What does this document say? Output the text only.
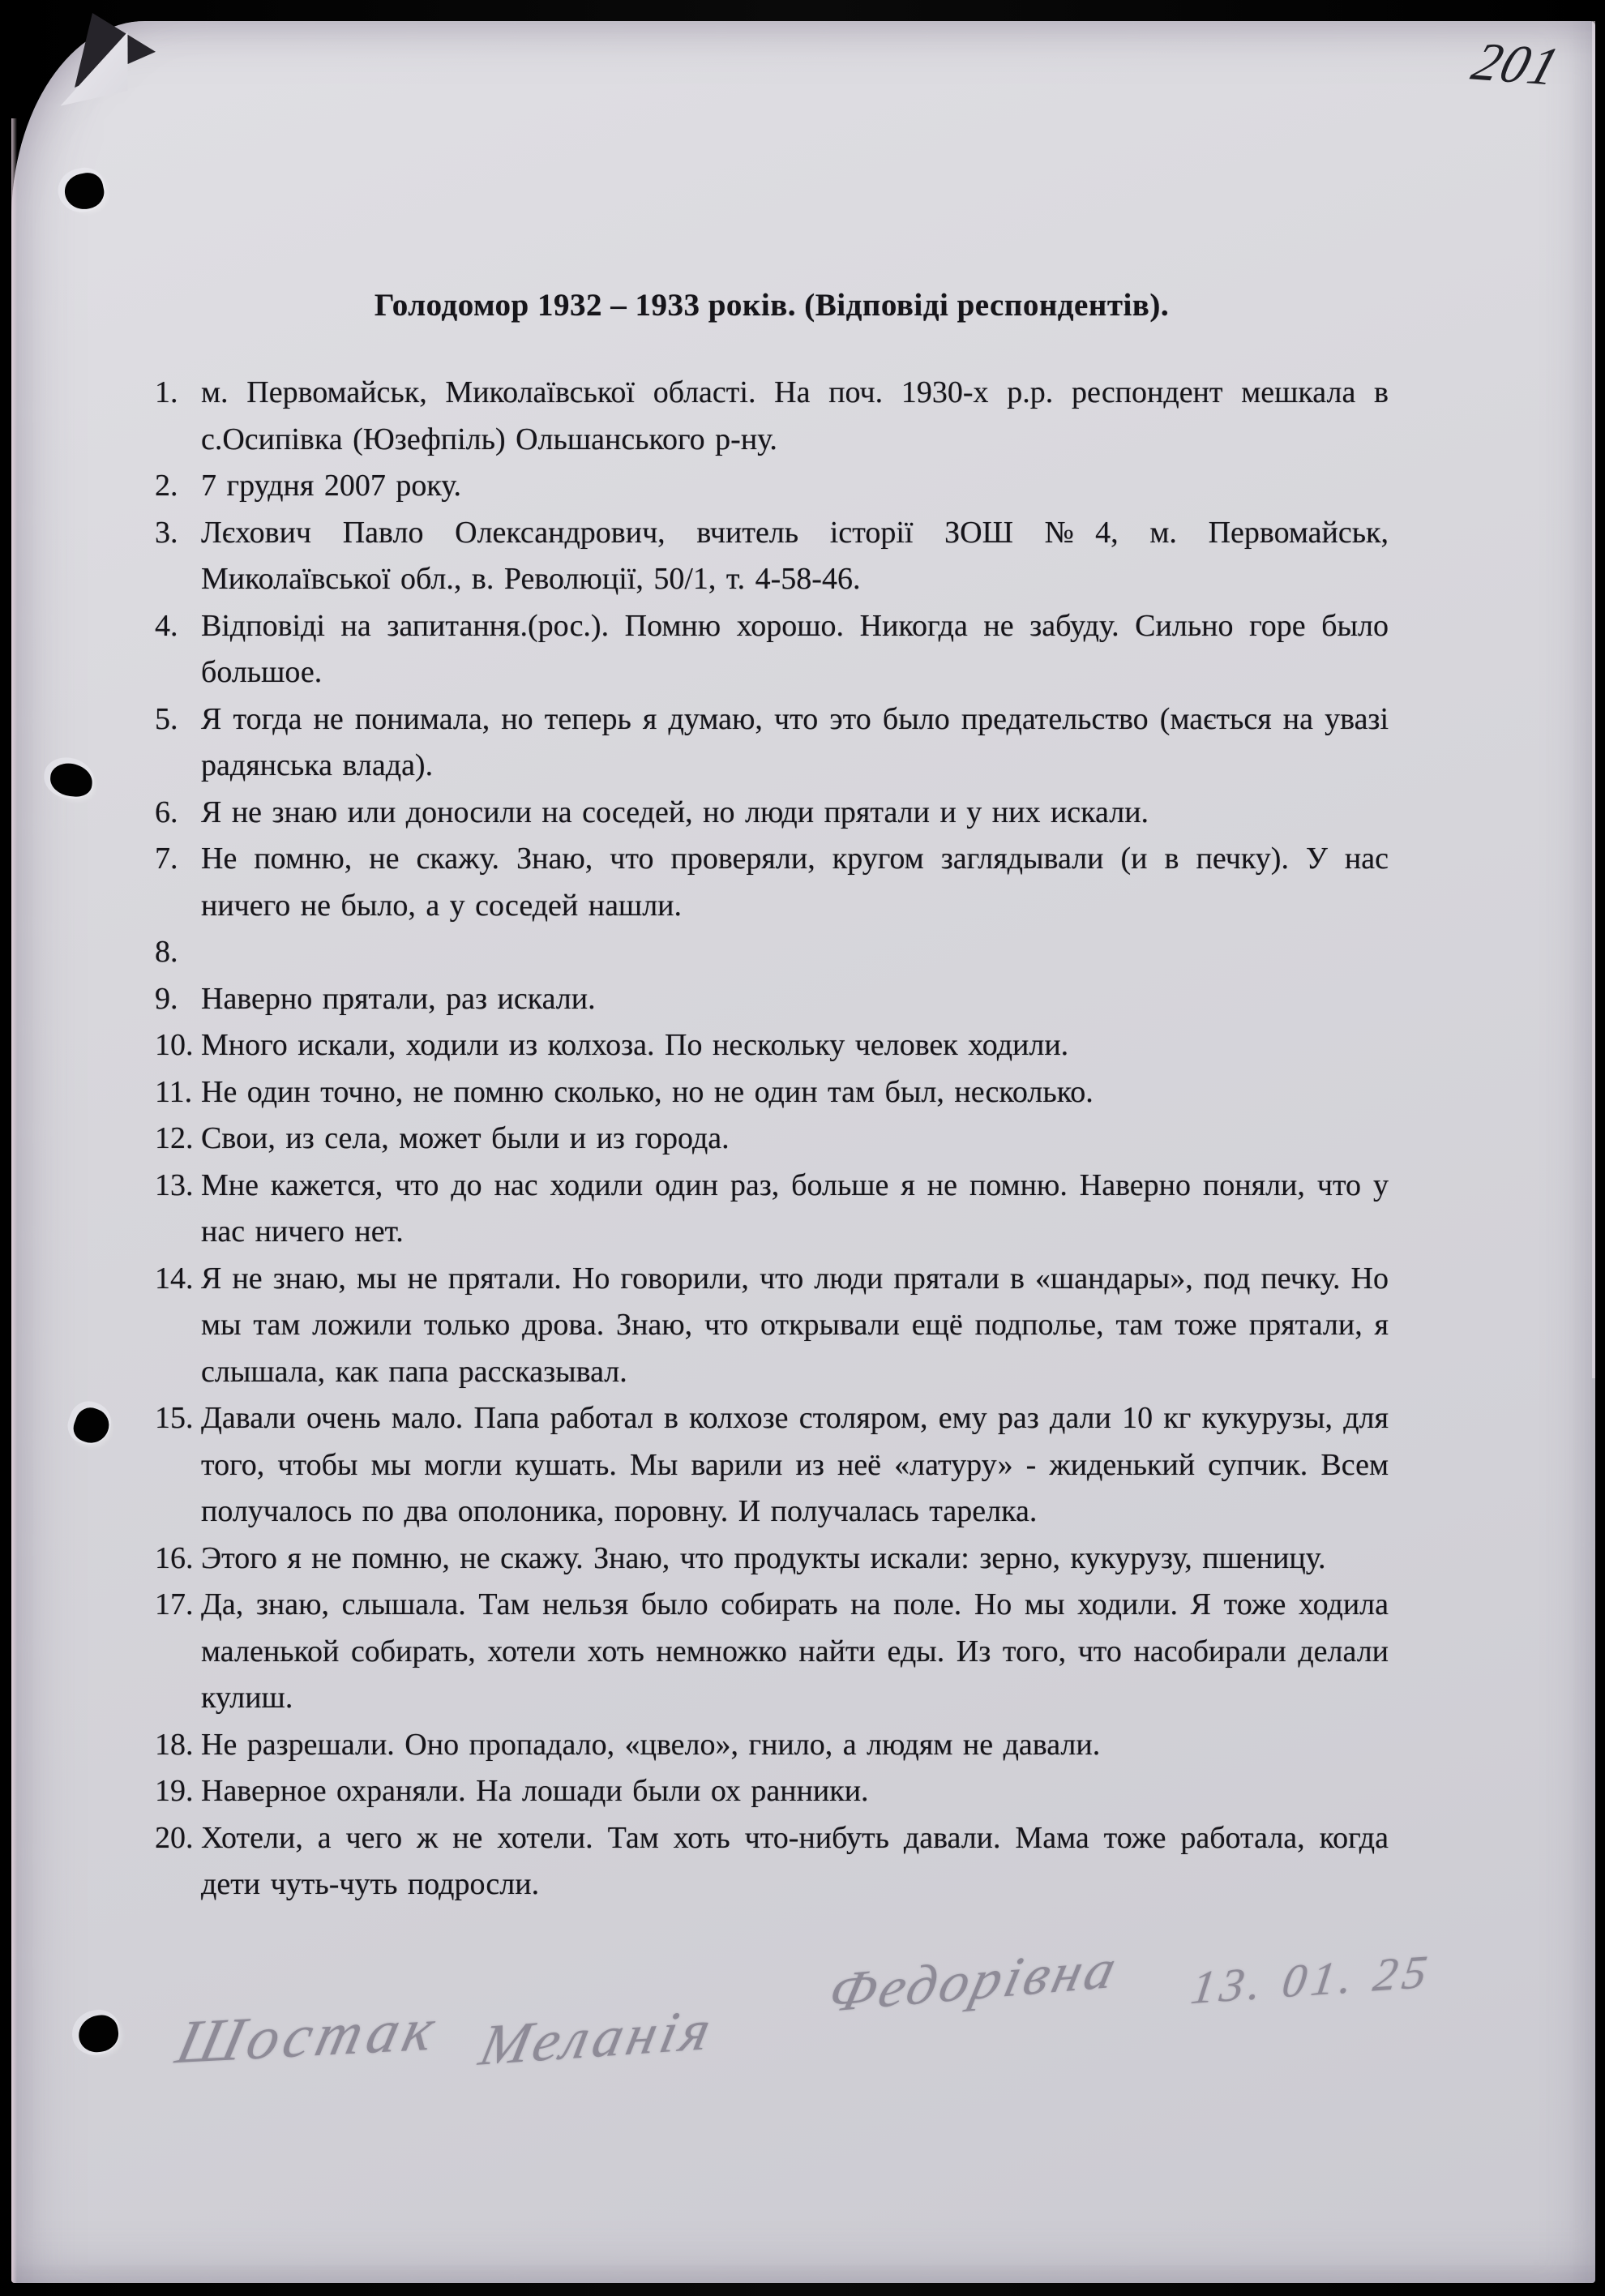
201
Голодомор 1932 – 1933 років. (Відповіді респондентів).
1. м. Первомайськ, Миколаївської області. На поч. 1930-х р.р. респондент мешкала в с.Осипівка (Юзефпіль) Ольшанського р-ну.
2. 7 грудня 2007 року.
3. Лєхович Павло Олександрович, вчитель історії ЗОШ №4, м. Первомайськ, Миколаївської обл., в. Революції, 50/1, т. 4-58-46.
4. Відповіді на запитання.(рос.). Помню хорошо. Никогда не забуду. Сильно горе было большое.
5. Я тогда не понимала, но теперь я думаю, что это было предательство (мається на увазі радянська влада).
6. Я не знаю или доносили на соседей, но люди прятали и у них искали.
7. Не помню, не скажу. Знаю, что проверяли, кругом заглядывали (и в печку). У нас ничего не было, а у соседей нашли.
8.
9. Наверно прятали, раз искали.
10. Много искали, ходили из колхоза. По нескольку человек ходили.
11. Не один точно, не помню сколько, но не один там был, несколько.
12. Свои, из села, может были и из города.
13. Мне кажется, что до нас ходили один раз, больше я не помню. Наверно поняли, что у нас ничего нет.
14. Я не знаю, мы не прятали. Но говорили, что люди прятали в «шандары», под печку. Но мы там ложили только дрова. Знаю, что открывали ещё подполье, там тоже прятали, я слышала, как папа рассказывал.
15. Давали очень мало. Папа работал в колхозе столяром, ему раз дали 10 кг кукурузы, для того, чтобы мы могли кушать. Мы варили из неё «латуру» - жиденький супчик. Всем получалось по два ополоника, поровну. И получалась тарелка.
16. Этого я не помню, не скажу. Знаю, что продукты искали: зерно, кукурузу, пшеницу.
17. Да, знаю, слышала. Там нельзя было собирать на поле. Но мы ходили. Я тоже ходила маленькой собирать, хотели хоть немножко найти еды. Из того, что насобирали делали кулиш.
18. Не разрешали. Оно пропадало, «цвело», гнило, а людям не давали.
19. Наверное охраняли. На лошади были ох ранники.
20. Хотели, а чего ж не хотели. Там хоть что-нибуть давали. Мама тоже работала, когда дети чуть-чуть подросли.
Шостак Меланія
Федорівна 13. 01. 25
